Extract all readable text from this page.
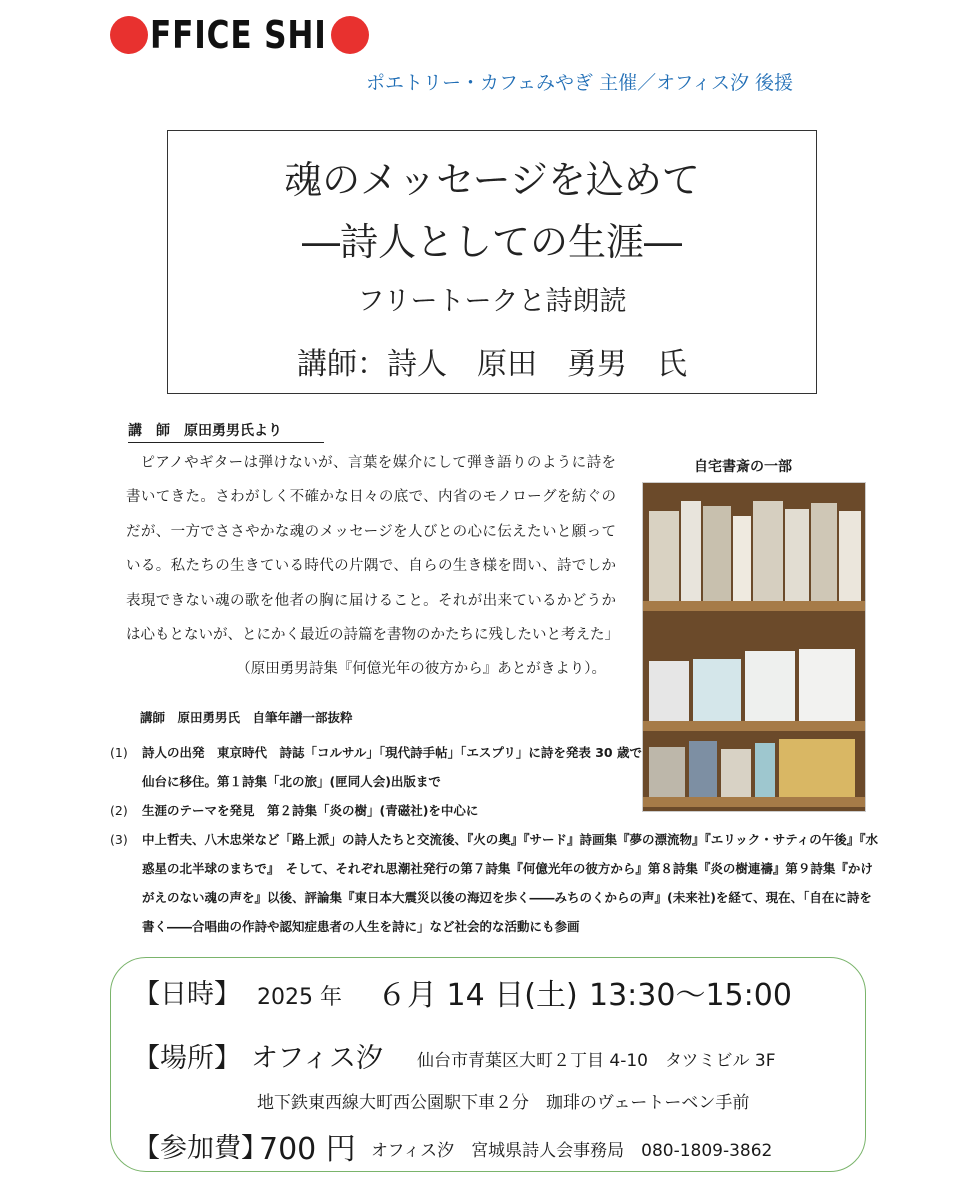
FFICE SHI
ポエトリー・カフェみやぎ 主催／オフィス汐 後援
魂のメッセージを込めて
―詩人としての生涯―
フリートークと詩朗読
講師：詩人　原田　勇男　氏
講　師　原田勇男氏より

ピアノやギターは弾けないが、言葉を媒介にして弾き語りのように詩を書いてきた。さわがしく不確かな日々の底で、内省のモノローグを紡ぐのだが、一方でささやかな魂のメッセージを人びとの心に伝えたいと願っている。私たちの生きている時代の片隅で、自らの生き様を問い、詩でしか表現できない魂の歌を他者の胸に届けること。それが出来ているかどうかは心もとないが、とにかく最近の詩篇を書物のかたちに残したいと考えた」

（原田勇男詩集『何億光年の彼方から』あとがきより）。

自宅書斎の一部
講師　原田勇男氏　自筆年譜一部抜粋
(1) 詩人の出発　東京時代　詩誌「コルサル」「現代詩手帖」「エスプリ」に詩を発表 30 歳で仙台に移住。第１詩集「北の旅」(匣同人会)出版まで
(2) 生涯のテーマを発見　第２詩集「炎の樹」(青磁社)を中心に
(3) 中上哲夫、八木忠栄など「路上派」の詩人たちと交流後、『火の奥』『サード』詩画集『夢の漂流物』『エリック・サティの午後』『水惑星の北半球のまちで』　そして、それぞれ思潮社発行の第７詩集『何億光年の彼方から』第８詩集『炎の樹連禱』第９詩集『かけがえのない魂の声を』以後、評論集『東日本大震災以後の海辺を歩く――みちのくからの声』(未来社)を経て、現在、「自在に詩を書く――合唱曲の作詩や認知症患者の人生を詩に」など社会的な活動にも参画
【日時】 2025 年 ６月 14 日(土) 13:30〜15:00
【場所】 オフィス汐 仙台市青葉区大町２丁目 4-10　タツミビル 3F
地下鉄東西線大町西公園駅下車２分　珈琲のヴェートーベン手前
【参加費】
700 円 オフィス汐　宮城県詩人会事務局　080-1809-3862
